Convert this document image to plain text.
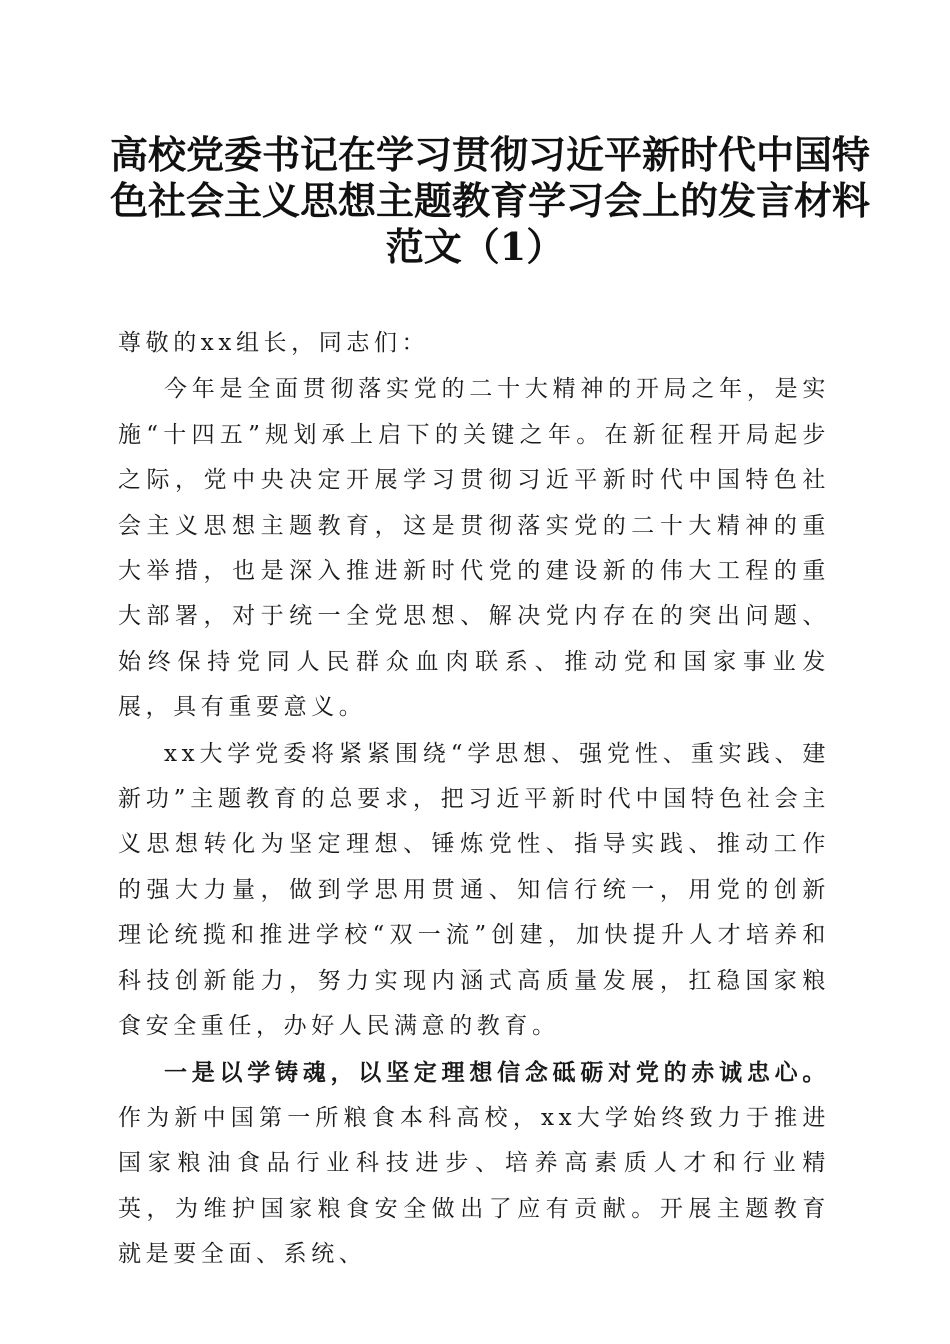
高校党委书记在学习贯彻习近平新时代中国特
色社会主义思想主题教育学习会上的发言材料
范文（1）

尊敬的xx组长，同志们：

今年是全面贯彻落实党的二十大精神的开局之年，是实施“十四五”规划承上启下的关键之年。在新征程开局起步之际，党中央决定开展学习贯彻习近平新时代中国特色社会主义思想主题教育，这是贯彻落实党的二十大精神的重大举措，也是深入推进新时代党的建设新的伟大工程的重大部署，对于统一全党思想、解决党内存在的突出问题、始终保持党同人民群众血肉联系、推动党和国家事业发展，具有重要意义。

xx大学党委将紧紧围绕“学思想、强党性、重实践、建新功”主题教育的总要求，把习近平新时代中国特色社会主义思想转化为坚定理想、锤炼党性、指导实践、推动工作的强大力量，做到学思用贯通、知信行统一，用党的创新理论统揽和推进学校“双一流”创建，加快提升人才培养和科技创新能力，努力实现内涵式高质量发展，扛稳国家粮食安全重任，办好人民满意的教育。

一是以学铸魂，以坚定理想信念砥砺对党的赤诚忠心。作为新中国第一所粮食本科高校，xx大学始终致力于推进国家粮油食品行业科技进步、培养高素质人才和行业精英，为维护国家粮食安全做出了应有贡献。开展主题教育就是要全面、系统、
